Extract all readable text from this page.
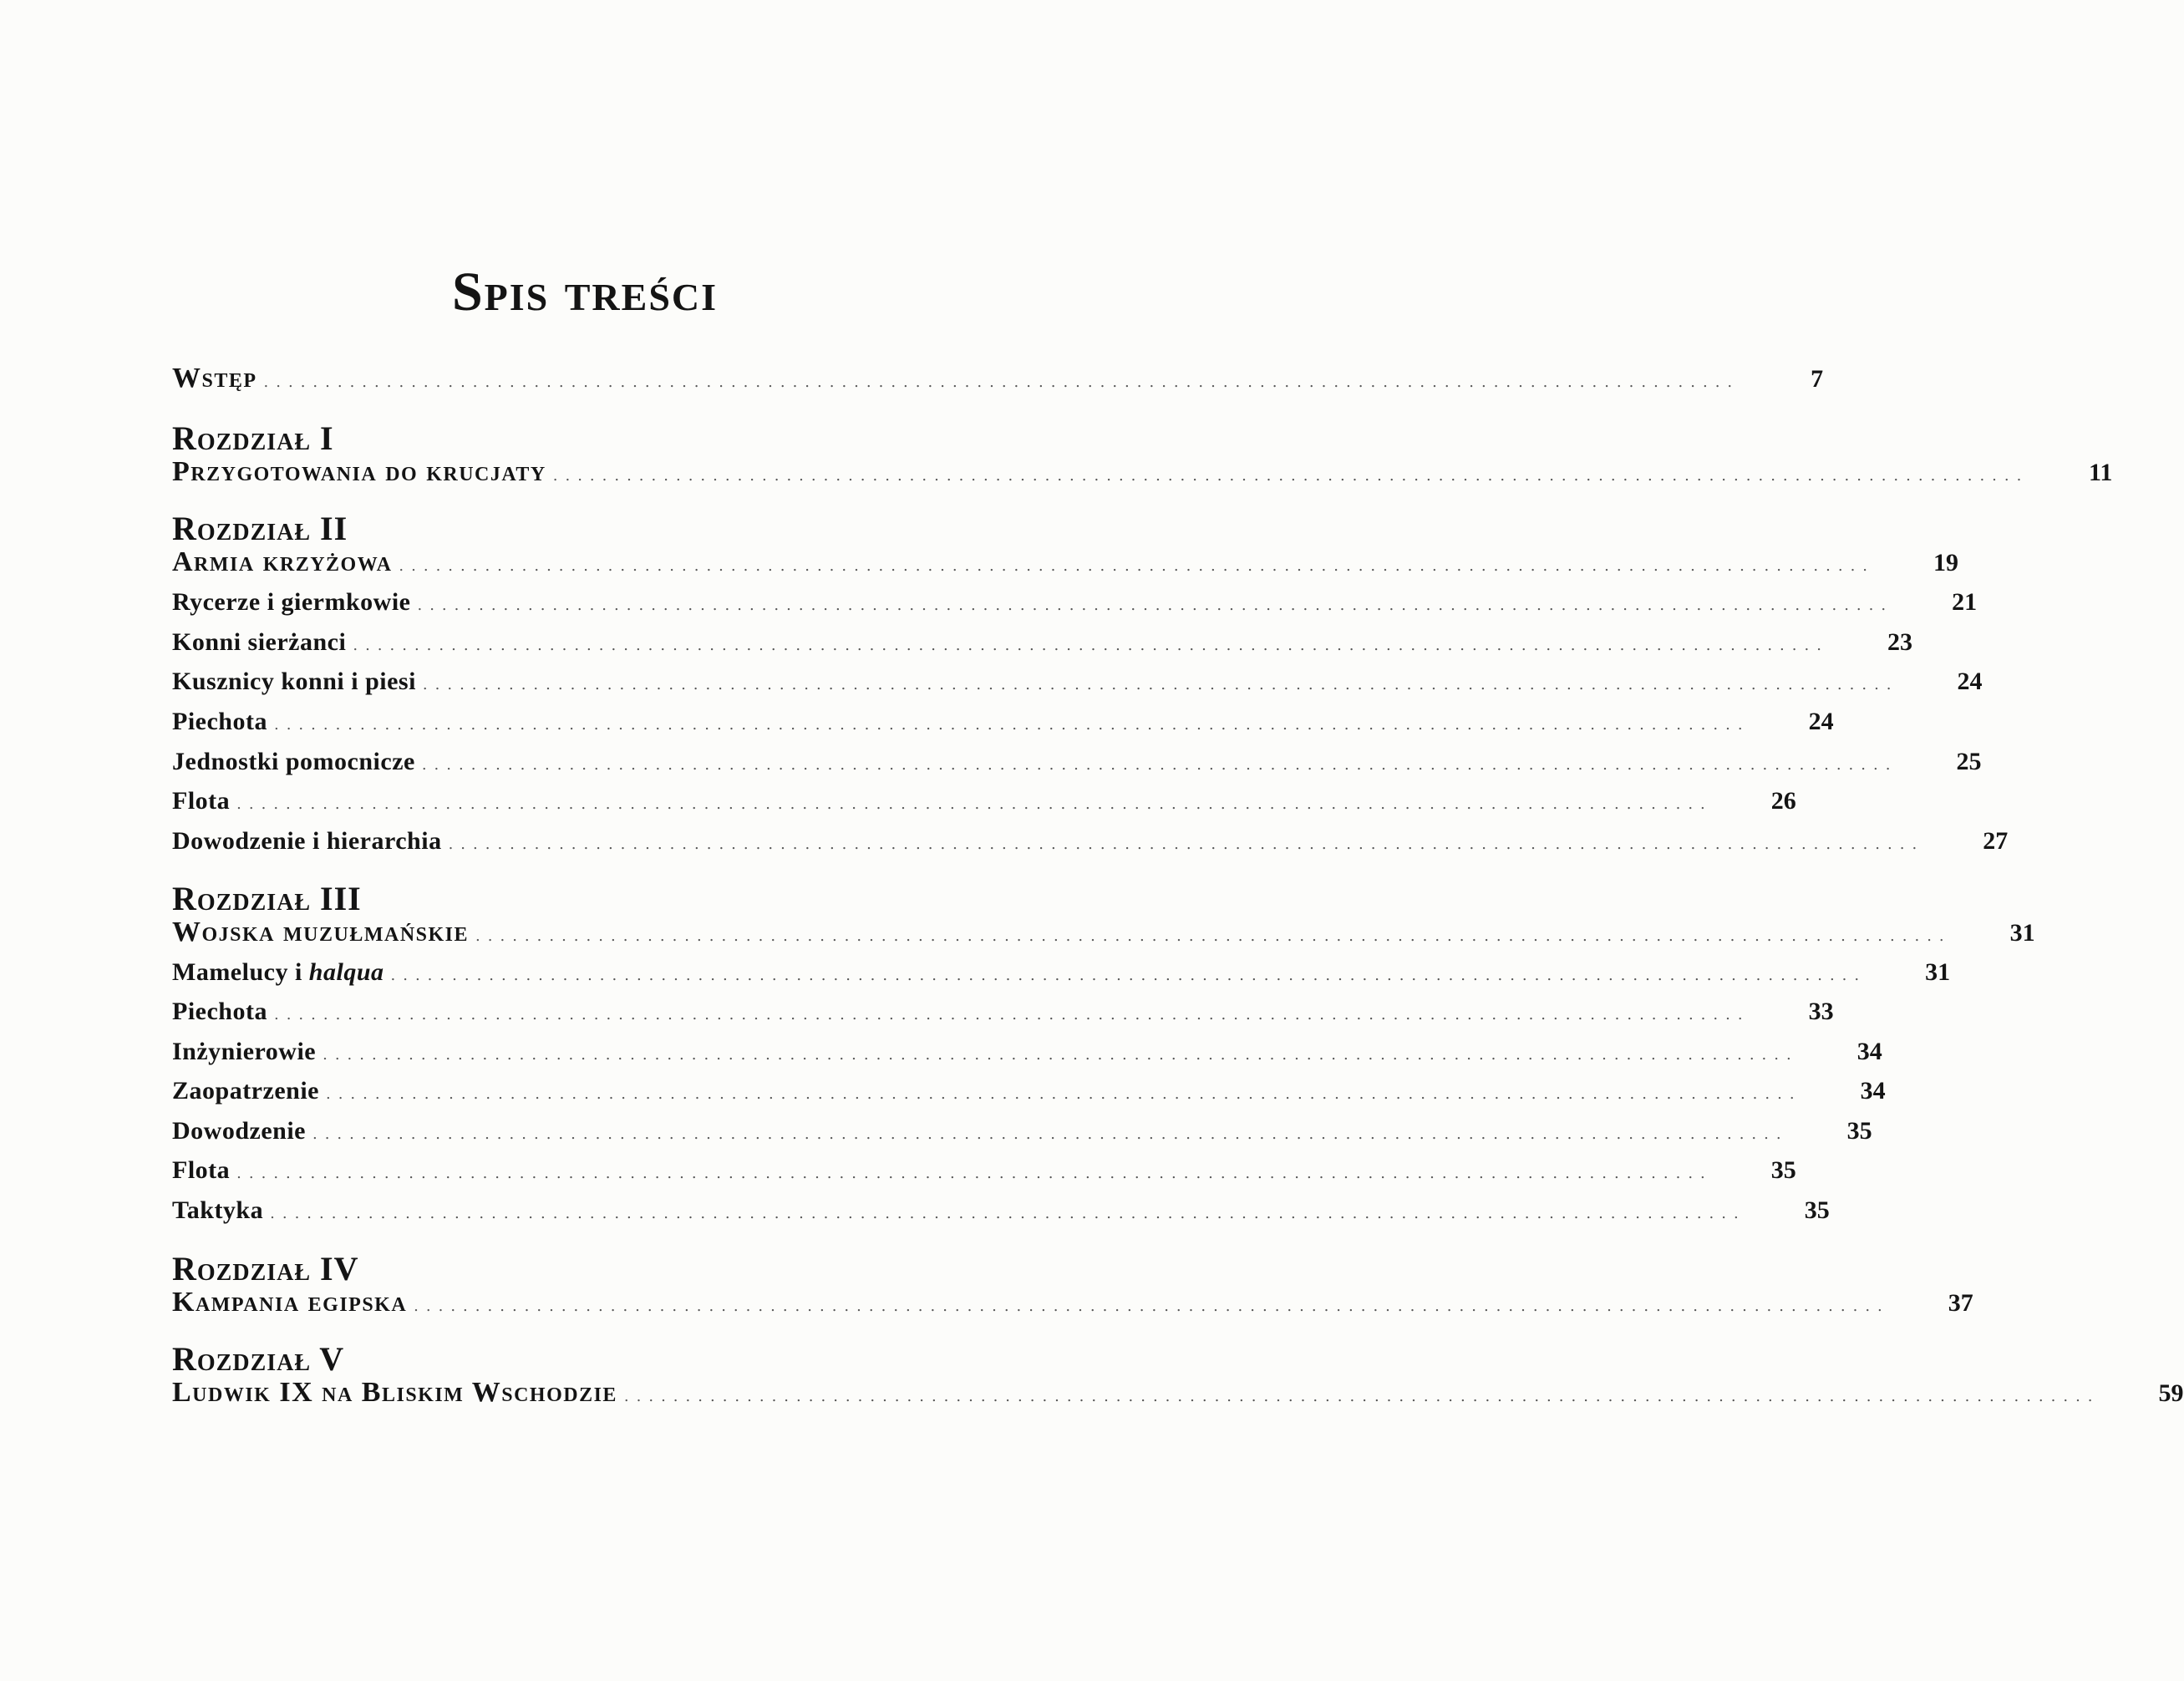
Spis treści
Wstęp ........................................................................................................................	7
Rozdział I
Przygotowania do krucjaty ........................................................................................................................	11
Rozdział II
Armia krzyżowa ........................................................................................................................	19
Rycerze i giermkowie ........................................................................................................................	21
Konni sierżanci ........................................................................................................................	23
Kusznicy konni i piesi ........................................................................................................................	24
Piechota ........................................................................................................................	24
Jednostki pomocnicze ........................................................................................................................	25
Flota ........................................................................................................................	26
Dowodzenie i hierarchia ........................................................................................................................	27
Rozdział III
Wojska muzułmańskie ........................................................................................................................	31
Mamelucy i halqua ........................................................................................................................	31
Piechota ........................................................................................................................	33
Inżynierowie ........................................................................................................................	34
Zaopatrzenie ........................................................................................................................	34
Dowodzenie ........................................................................................................................	35
Flota ........................................................................................................................	35
Taktyka ........................................................................................................................	35
Rozdział IV
Kampania egipska ........................................................................................................................	37
Rozdział V
Ludwik IX na Bliskim Wschodzie ........................................................................................................................	59
